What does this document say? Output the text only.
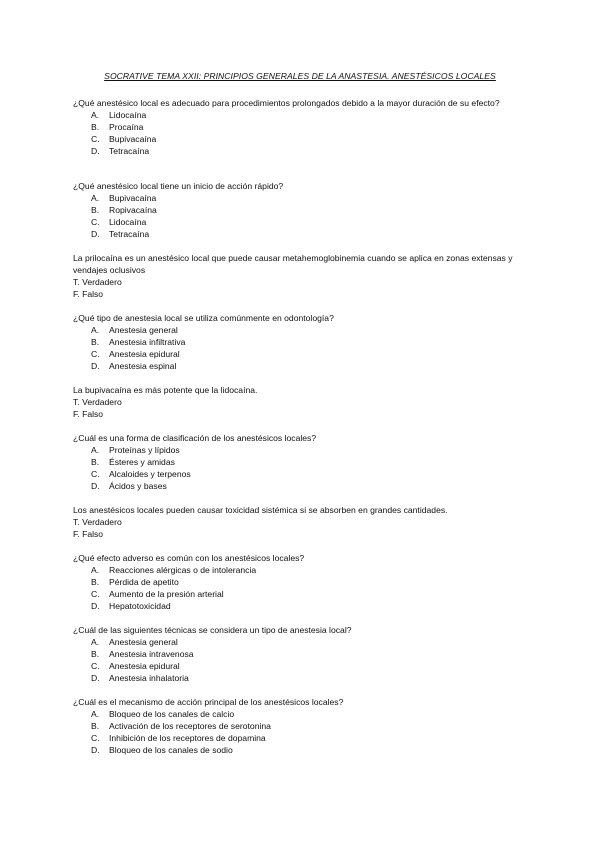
SOCRATIVE TEMA XXII: PRINCIPIOS GENERALES DE LA ANASTESIA. ANESTÉSICOS LOCALES

¿Qué anestésico local es adecuado para procedimientos prolongados debido a la mayor duración de su efecto?

A.	Lidocaína
B.	Procaína
C.	Bupivacaína
D.	Tetracaína

¿Qué anestésico local tiene un inicio de acción rápido?

A.	Bupivacaína
B.	Ropivacaína
C.	Lidocaína
D.	Tetracaína

La prilocaína es un anestésico local que puede causar metahemoglobinemia cuando se aplica en zonas extensas y vendajes oclusivos

T. Verdadero

F. Falso

¿Qué tipo de anestesia local se utiliza comúnmente en odontología?

A.	Anestesia general
B.	Anestesia infiltrativa
C.	Anestesia epidural
D.	Anestesia espinal

La bupivacaína es más potente que la lidocaína.

T. Verdadero

F. Falso

¿Cuál es una forma de clasificación de los anestésicos locales?

A.	Proteínas y lípidos
B.	Ésteres y amidas
C.	Alcaloides y terpenos
D.	Ácidos y bases

Los anestésicos locales pueden causar toxicidad sistémica si se absorben en grandes cantidades.

T. Verdadero

F. Falso

¿Qué efecto adverso es común con los anestésicos locales?

A.	Reacciones alérgicas o de intolerancia
B.	Pérdida de apetito
C.	Aumento de la presión arterial
D.	Hepatotoxicidad

¿Cuál de las siguientes técnicas se considera un tipo de anestesia local?

A.	Anestesia general
B.	Anestesia intravenosa
C.	Anestesia epidural
D.	Anestesia inhalatoria

¿Cuál es el mecanismo de acción principal de los anestésicos locales?

A.	Bloqueo de los canales de calcio
B.	Activación de los receptores de serotonina
C.	Inhibición de los receptores de dopamina
D.	Bloqueo de los canales de sodio
